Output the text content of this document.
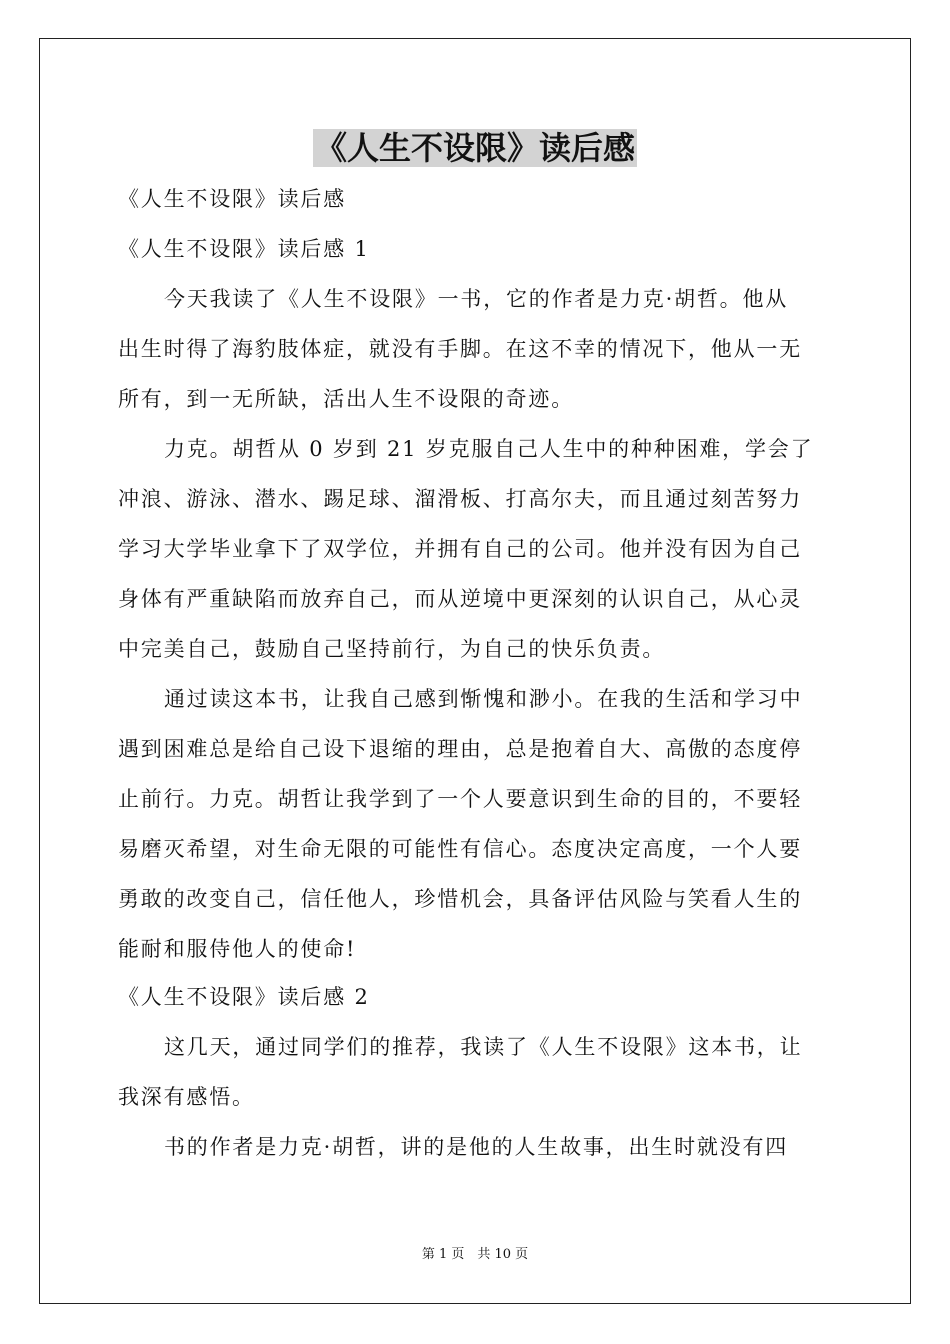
《人生不设限》读后感
《人生不设限》读后感
《人生不设限》读后感 1
今天我读了《人生不设限》一书，它的作者是力克·胡哲。他从
出生时得了海豹肢体症，就没有手脚。在这不幸的情况下，他从一无
所有，到一无所缺，活出人生不设限的奇迹。
力克。胡哲从 0 岁到 21 岁克服自己人生中的种种困难，学会了
冲浪、游泳、潜水、踢足球、溜滑板、打高尔夫，而且通过刻苦努力
学习大学毕业拿下了双学位，并拥有自己的公司。他并没有因为自己
身体有严重缺陷而放弃自己，而从逆境中更深刻的认识自己，从心灵
中完美自己，鼓励自己坚持前行，为自己的快乐负责。
通过读这本书，让我自己感到惭愧和渺小。在我的生活和学习中
遇到困难总是给自己设下退缩的理由，总是抱着自大、高傲的态度停
止前行。力克。胡哲让我学到了一个人要意识到生命的目的，不要轻
易磨灭希望，对生命无限的可能性有信心。态度决定高度，一个人要
勇敢的改变自己，信任他人，珍惜机会，具备评估风险与笑看人生的
能耐和服侍他人的使命!
《人生不设限》读后感 2
这几天，通过同学们的推荐，我读了《人生不设限》这本书，让
我深有感悟。
书的作者是力克·胡哲，讲的是他的人生故事，出生时就没有四
第 1 页　共 10 页
